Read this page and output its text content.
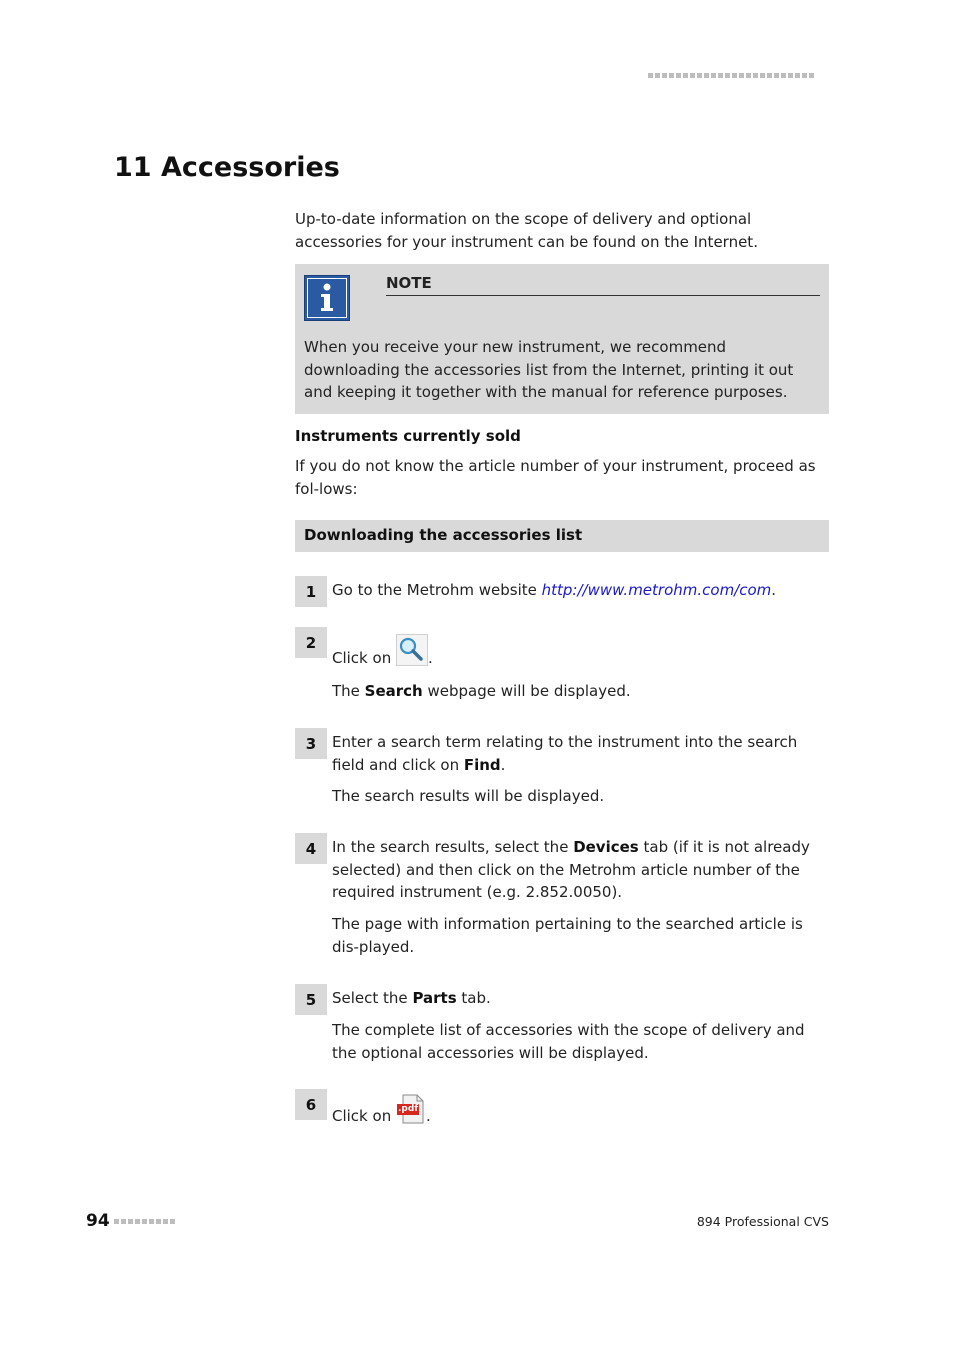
11 Accessories

Up-to-date information on the scope of delivery and optional accessories for your instrument can be found on the Internet.

NOTE
When you receive your new instrument, we recommend downloading the accessories list from the Internet, printing it out and keeping it together with the manual for reference purposes.
Instruments currently sold

If you do not know the article number of your instrument, proceed as fol-lows:

Downloading the accessories list
1	Go to the Metrohm website http://www.metrohm.com/com.

2

Click on .

The Search webpage will be displayed.

3	Enter a search term relating to the instrument into the search field and click on Find.

The search results will be displayed.

4	In the search results, select the Devices tab (if it is not already selected) and then click on the Metrohm article number of the required instrument (e.g. 2.852.0050).

The page with information pertaining to the searched article is dis-played.

5	Select the Parts tab.

The complete list of accessories with the scope of delivery and the optional accessories will be displayed.

6

Click on .pdf .

94	894 Professional CVS
